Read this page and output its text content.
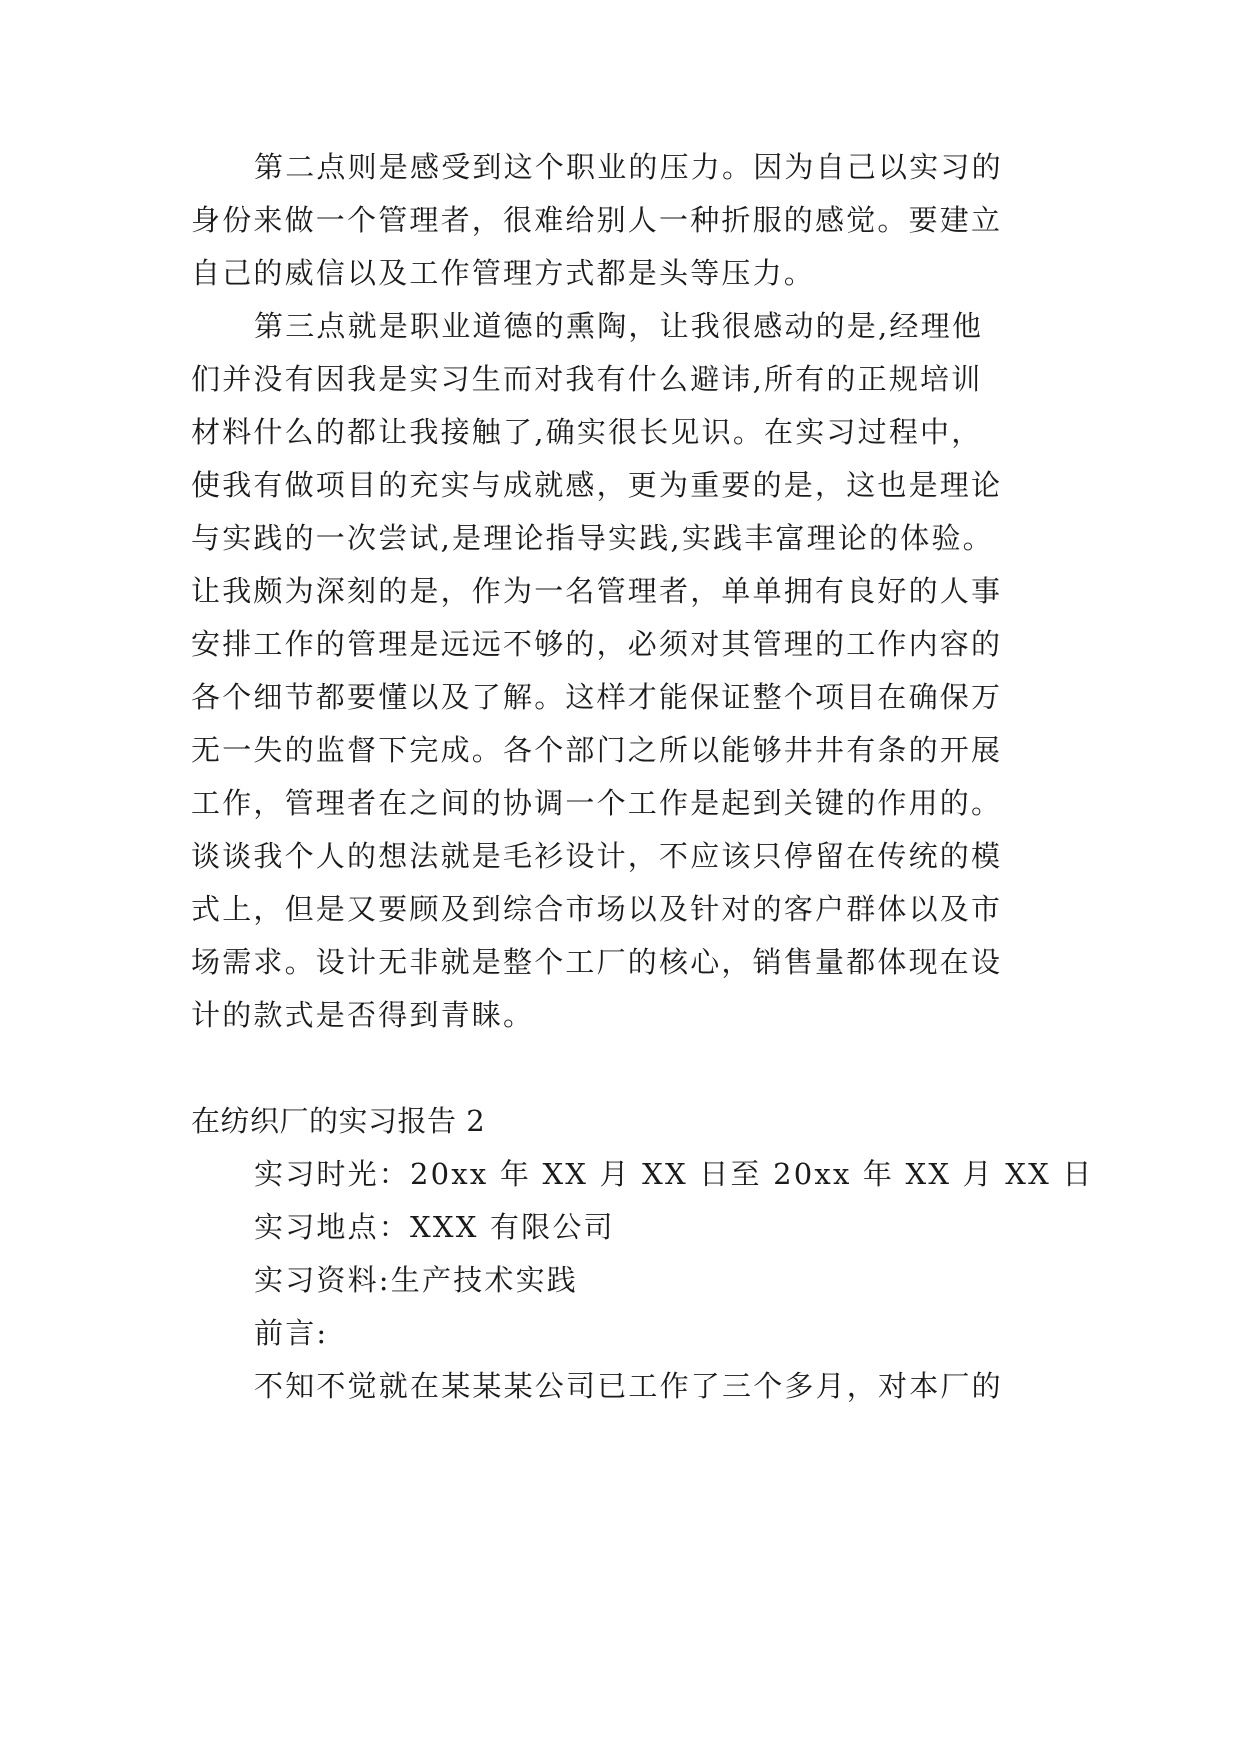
第二点则是感受到这个职业的压力。因为自己以实习的
身份来做一个管理者，很难给别人一种折服的感觉。要建立
自己的威信以及工作管理方式都是头等压力。
第三点就是职业道德的熏陶，让我很感动的是,经理他
们并没有因我是实习生而对我有什么避讳,所有的正规培训
材料什么的都让我接触了,确实很长见识。在实习过程中，
使我有做项目的充实与成就感，更为重要的是，这也是理论
与实践的一次尝试,是理论指导实践,实践丰富理论的体验。
让我颇为深刻的是，作为一名管理者，单单拥有良好的人事
安排工作的管理是远远不够的，必须对其管理的工作内容的
各个细节都要懂以及了解。这样才能保证整个项目在确保万
无一失的监督下完成。各个部门之所以能够井井有条的开展
工作，管理者在之间的协调一个工作是起到关键的作用的。
谈谈我个人的想法就是毛衫设计，不应该只停留在传统的模
式上，但是又要顾及到综合市场以及针对的客户群体以及市
场需求。设计无非就是整个工厂的核心，销售量都体现在设
计的款式是否得到青睐。
在纺织厂的实习报告 2
实习时光：20xx 年 XX 月 XX 日至 20xx 年 XX 月 XX 日
实习地点：XXX 有限公司
实习资料:生产技术实践
前言:
不知不觉就在某某某公司已工作了三个多月，对本厂的
